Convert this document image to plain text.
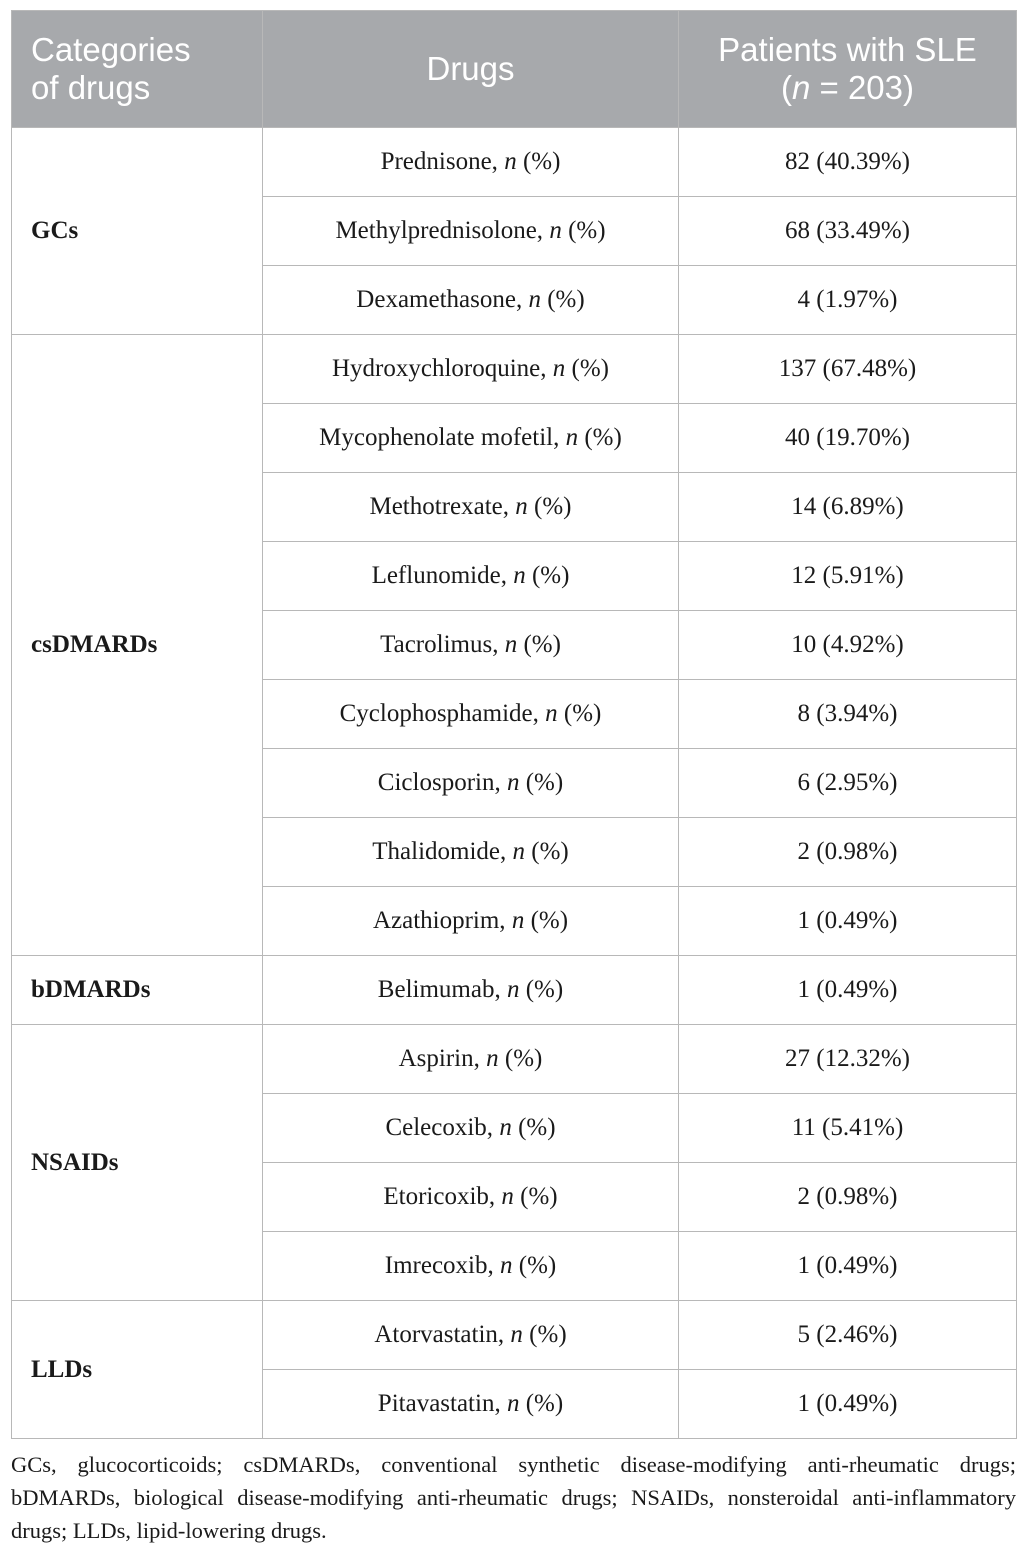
Categories
of drugs	Drugs	Patients with SLE
(n = 203)
GCs	Prednisone, n (%)	82 (40.39%)
	Methylprednisolone, n (%)	68 (33.49%)
	Dexamethasone, n (%)	4 (1.97%)
csDMARDs	Hydroxychloroquine, n (%)	137 (67.48%)
	Mycophenolate mofetil, n (%)	40 (19.70%)
	Methotrexate, n (%)	14 (6.89%)
	Leflunomide, n (%)	12 (5.91%)
	Tacrolimus, n (%)	10 (4.92%)
	Cyclophosphamide, n (%)	8 (3.94%)
	Ciclosporin, n (%)	6 (2.95%)
	Thalidomide, n (%)	2 (0.98%)
	Azathioprim, n (%)	1 (0.49%)
bDMARDs	Belimumab, n (%)	1 (0.49%)
NSAIDs	Aspirin, n (%)	27 (12.32%)
	Celecoxib, n (%)	11 (5.41%)
	Etoricoxib, n (%)	2 (0.98%)
	Imrecoxib, n (%)	1 (0.49%)
LLDs	Atorvastatin, n (%)	5 (2.46%)
	Pitavastatin, n (%)	1 (0.49%)
GCs, glucocorticoids; csDMARDs, conventional synthetic disease-modifying anti-rheumatic drugs; bDMARDs, biological disease-modifying anti-rheumatic drugs; NSAIDs, nonsteroidal anti-inflammatory drugs; LLDs, lipid-lowering drugs.
